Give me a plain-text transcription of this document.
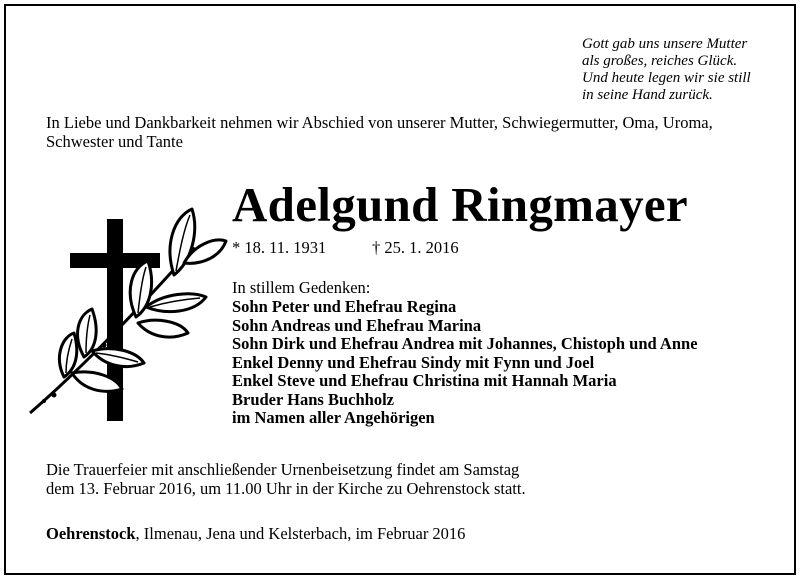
Gott gab uns unsere Mutter
als großes, reiches Glück.
Und heute legen wir sie still
in seine Hand zurück.
In Liebe und Dankbarkeit nehmen wir Abschied von unserer Mutter, Schwiegermutter, Oma, Uroma, Schwester und Tante
Adelgund Ringmayer
* 18. 11. 1931	† 25. 1. 2016
In stillem Gedenken:
Sohn Peter und Ehefrau Regina
Sohn Andreas und Ehefrau Marina
Sohn Dirk und Ehefrau Andrea mit Johannes, Chistoph und Anne
Enkel Denny und Ehefrau Sindy mit Fynn und Joel
Enkel Steve und Ehefrau Christina mit Hannah Maria
Bruder Hans Buchholz
im Namen aller Angehörigen
Die Trauerfeier mit anschließender Urnenbeisetzung findet am Samstag
dem 13. Februar 2016, um 11.00 Uhr in der Kirche zu Oehrenstock statt.
Oehrenstock, Ilmenau, Jena und Kelsterbach, im Februar 2016
